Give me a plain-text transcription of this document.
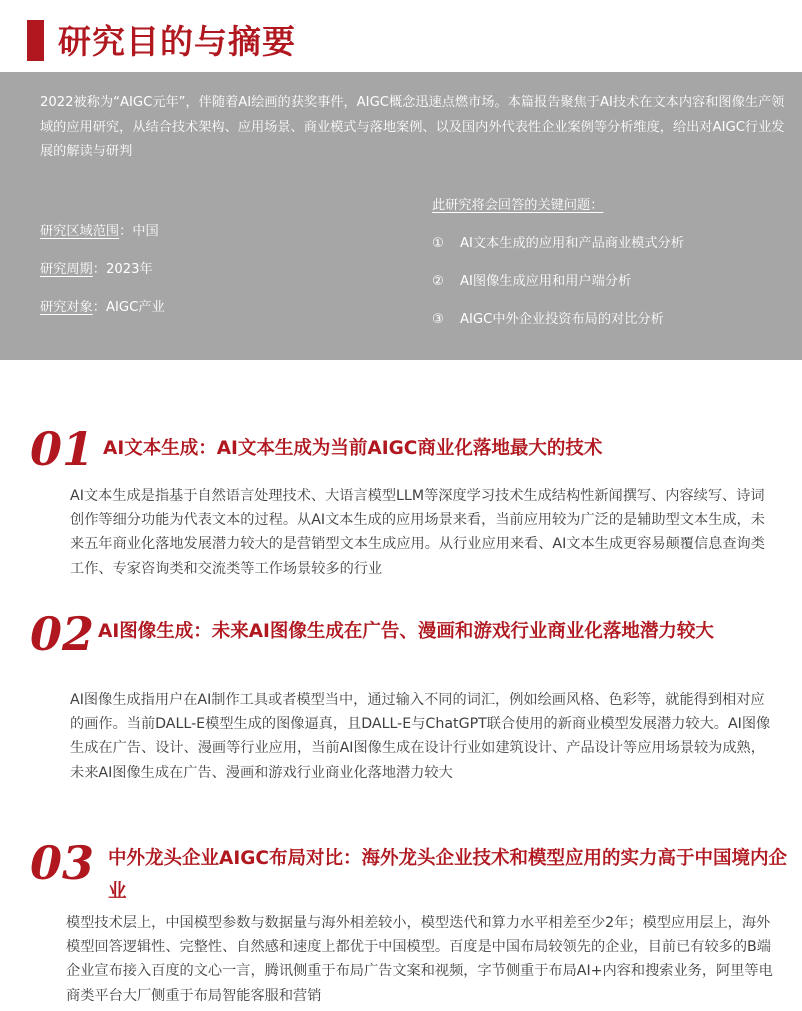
研究目的与摘要

2022被称为“AIGC元年”，伴随着AI绘画的获奖事件，AIGC概念迅速点燃市场。本篇报告聚焦于AI技术在文本内容和图像生产领域的应用研究，从结合技术架构、应用场景、商业模式与落地案例、以及国内外代表性企业案例等分析维度，给出对AIGC行业发展的解读与研判

研究区域范围：中国
研究周期：2023年
研究对象：AIGC产业
此研究将会回答的关键问题：
① AI文本生成的应用和产品商业模式分析
② AI图像生成应用和用户端分析
③ AIGC中外企业投资布局的对比分析
01 AI文本生成：AI文本生成为当前AIGC商业化落地最大的技术

AI文本生成是指基于自然语言处理技术、大语言模型LLM等深度学习技术生成结构性新闻撰写、内容续写、诗词创作等细分功能为代表文本的过程。从AI文本生成的应用场景来看，当前应用较为广泛的是辅助型文本生成，未来五年商业化落地发展潜力较大的是营销型文本生成应用。从行业应用来看、AI文本生成更容易颠覆信息查询类工作、专家咨询类和交流类等工作场景较多的行业

02 AI图像生成：未来AI图像生成在广告、漫画和游戏行业商业化落地潜力较大

AI图像生成指用户在AI制作工具或者模型当中，通过输入不同的词汇，例如绘画风格、色彩等，就能得到相对应的画作。当前DALL-E模型生成的图像逼真，且DALL-E与ChatGPT联合使用的新商业模型发展潜力较大。AI图像生成在广告、设计、漫画等行业应用，当前AI图像生成在设计行业如建筑设计、产品设计等应用场景较为成熟，未来AI图像生成在广告、漫画和游戏行业商业化落地潜力较大

03 中外龙头企业AIGC布局对比：海外龙头企业技术和模型应用的实力高于中国境内企业

模型技术层上，中国模型参数与数据量与海外相差较小，模型迭代和算力水平相差至少2年；模型应用层上，海外模型回答逻辑性、完整性、自然感和速度上都优于中国模型。百度是中国布局较领先的企业，目前已有较多的B端企业宣布接入百度的文心一言，腾讯侧重于布局广告文案和视频，字节侧重于布局AI+内容和搜索业务，阿里等电商类平台大厂侧重于布局智能客服和营销
